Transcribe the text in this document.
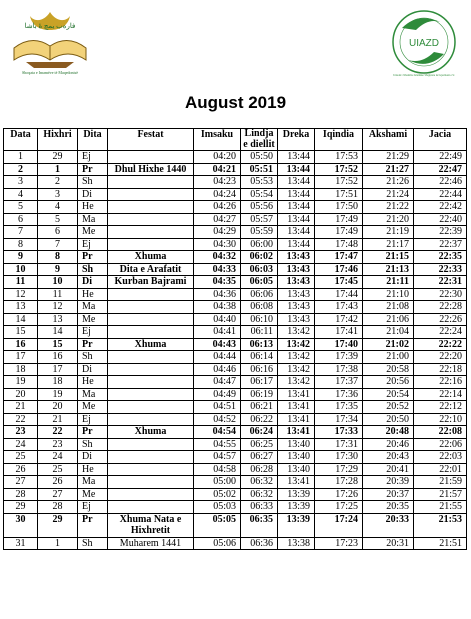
فارەب یمچ هٔ باشا
Shoqata e Imamëve të Maqedonisë
UIAZD
Unioni i Xhamive Islamike Shqiptare në Gjermani e.V.
August 2019
Data	Hixhri	Dita	Festat	Imsaku	Lindja e diellit	Dreka	Iqindia	Akshami	Jacia
1	29	Ej		04:20	05:50	13:44	17:53	21:29	22:49
2	1	Pr	Dhul Hixhe 1440	04:21	05:51	13:44	17:52	21:27	22:47
3	2	Sh		04:23	05:53	13:44	17:52	21:26	22:46
4	3	Di		04:24	05:54	13:44	17:51	21:24	22:44
5	4	He		04:26	05:56	13:44	17:50	21:22	22:42
6	5	Ma		04:27	05:57	13:44	17:49	21:20	22:40
7	6	Me		04:29	05:59	13:44	17:49	21:19	22:39
8	7	Ej		04:30	06:00	13:44	17:48	21:17	22:37
9	8	Pr	Xhuma	04:32	06:02	13:43	17:47	21:15	22:35
10	9	Sh	Dita e Arafatit	04:33	06:03	13:43	17:46	21:13	22:33
11	10	Di	Kurban Bajrami	04:35	06:05	13:43	17:45	21:11	22:31
12	11	He		04:36	06:06	13:43	17:44	21:10	22:30
13	12	Ma		04:38	06:08	13:43	17:43	21:08	22:28
14	13	Me		04:40	06:10	13:43	17:42	21:06	22:26
15	14	Ej		04:41	06:11	13:42	17:41	21:04	22:24
16	15	Pr	Xhuma	04:43	06:13	13:42	17:40	21:02	22:22
17	16	Sh		04:44	06:14	13:42	17:39	21:00	22:20
18	17	Di		04:46	06:16	13:42	17:38	20:58	22:18
19	18	He		04:47	06:17	13:42	17:37	20:56	22:16
20	19	Ma		04:49	06:19	13:41	17:36	20:54	22:14
21	20	Me		04:51	06:21	13:41	17:35	20:52	22:12
22	21	Ej		04:52	06:22	13:41	17:34	20:50	22:10
23	22	Pr	Xhuma	04:54	06:24	13:41	17:33	20:48	22:08
24	23	Sh		04:55	06:25	13:40	17:31	20:46	22:06
25	24	Di		04:57	06:27	13:40	17:30	20:43	22:03
26	25	He		04:58	06:28	13:40	17:29	20:41	22:01
27	26	Ma		05:00	06:32	13:41	17:28	20:39	21:59
28	27	Me		05:02	06:32	13:39	17:26	20:37	21:57
29	28	Ej		05:03	06:33	13:39	17:25	20:35	21:55
30	29	Pr	Xhuma Nata e Hixhretit	05:05	06:35	13:39	17:24	20:33	21:53
31	1	Sh	Muharem 1441	05:06	06:36	13:38	17:23	20:31	21:51
